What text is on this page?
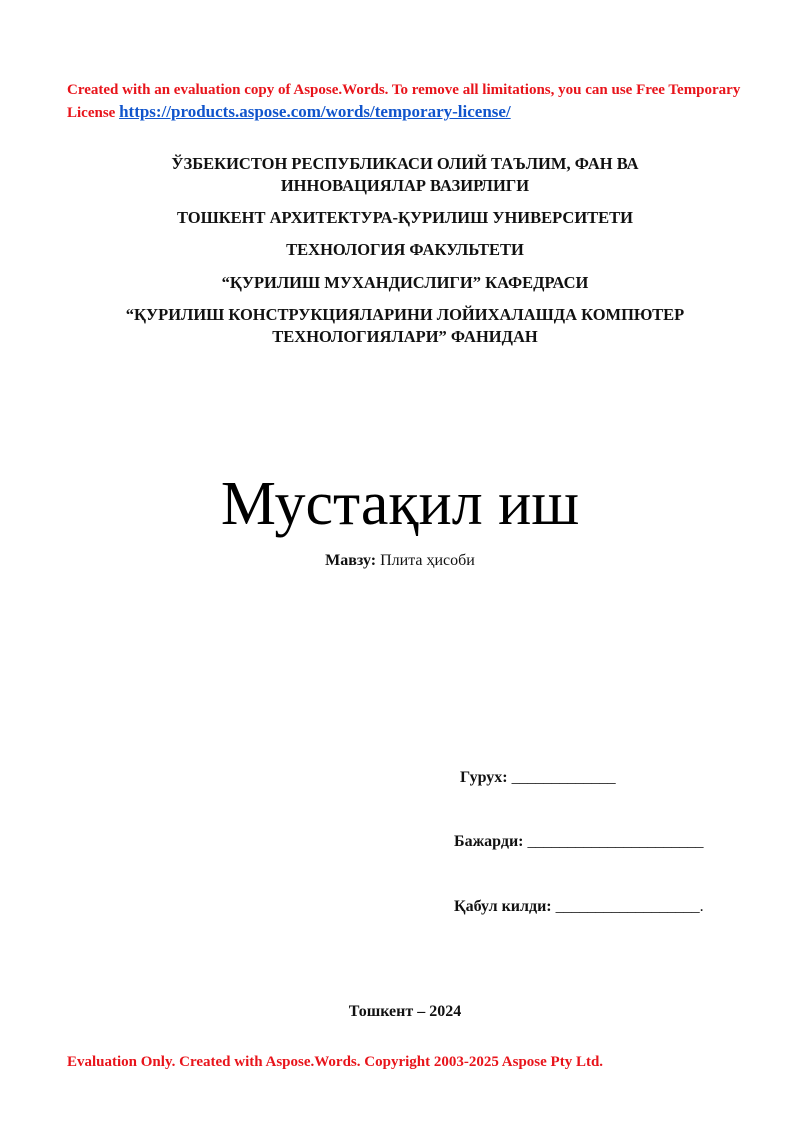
Created with an evaluation copy of Aspose.Words. To remove all limitations, you can use Free Temporary License https://products.aspose.com/words/temporary-license/
ЎЗБЕКИСТОН РЕСПУБЛИКАСИ ОЛИЙ ТАЪЛИМ, ФАН ВА
ИННОВАЦИЯЛАР ВАЗИРЛИГИ
ТОШКЕНТ АРХИТЕКТУРА-ҚУРИЛИШ УНИВЕРСИТЕТИ
ТЕХНОЛОГИЯ ФАКУЛЬТЕТИ
“ҚУРИЛИШ МУХАНДИСЛИГИ” КАФЕДРАСИ
“ҚУРИЛИШ КОНСТРУКЦИЯЛАРИНИ ЛОЙИХАЛАШДА КОМПЮТЕР
ТЕХНОЛОГИЯЛАРИ” ФАНИДАН
Мустақил иш
Мавзу: Плита ҳисоби

Гурух: _____________

Бажарди: ______________________

Қабул килди: __________________.

Тошкент – 2024
Evaluation Only. Created with Aspose.Words. Copyright 2003-2025 Aspose Pty Ltd.
